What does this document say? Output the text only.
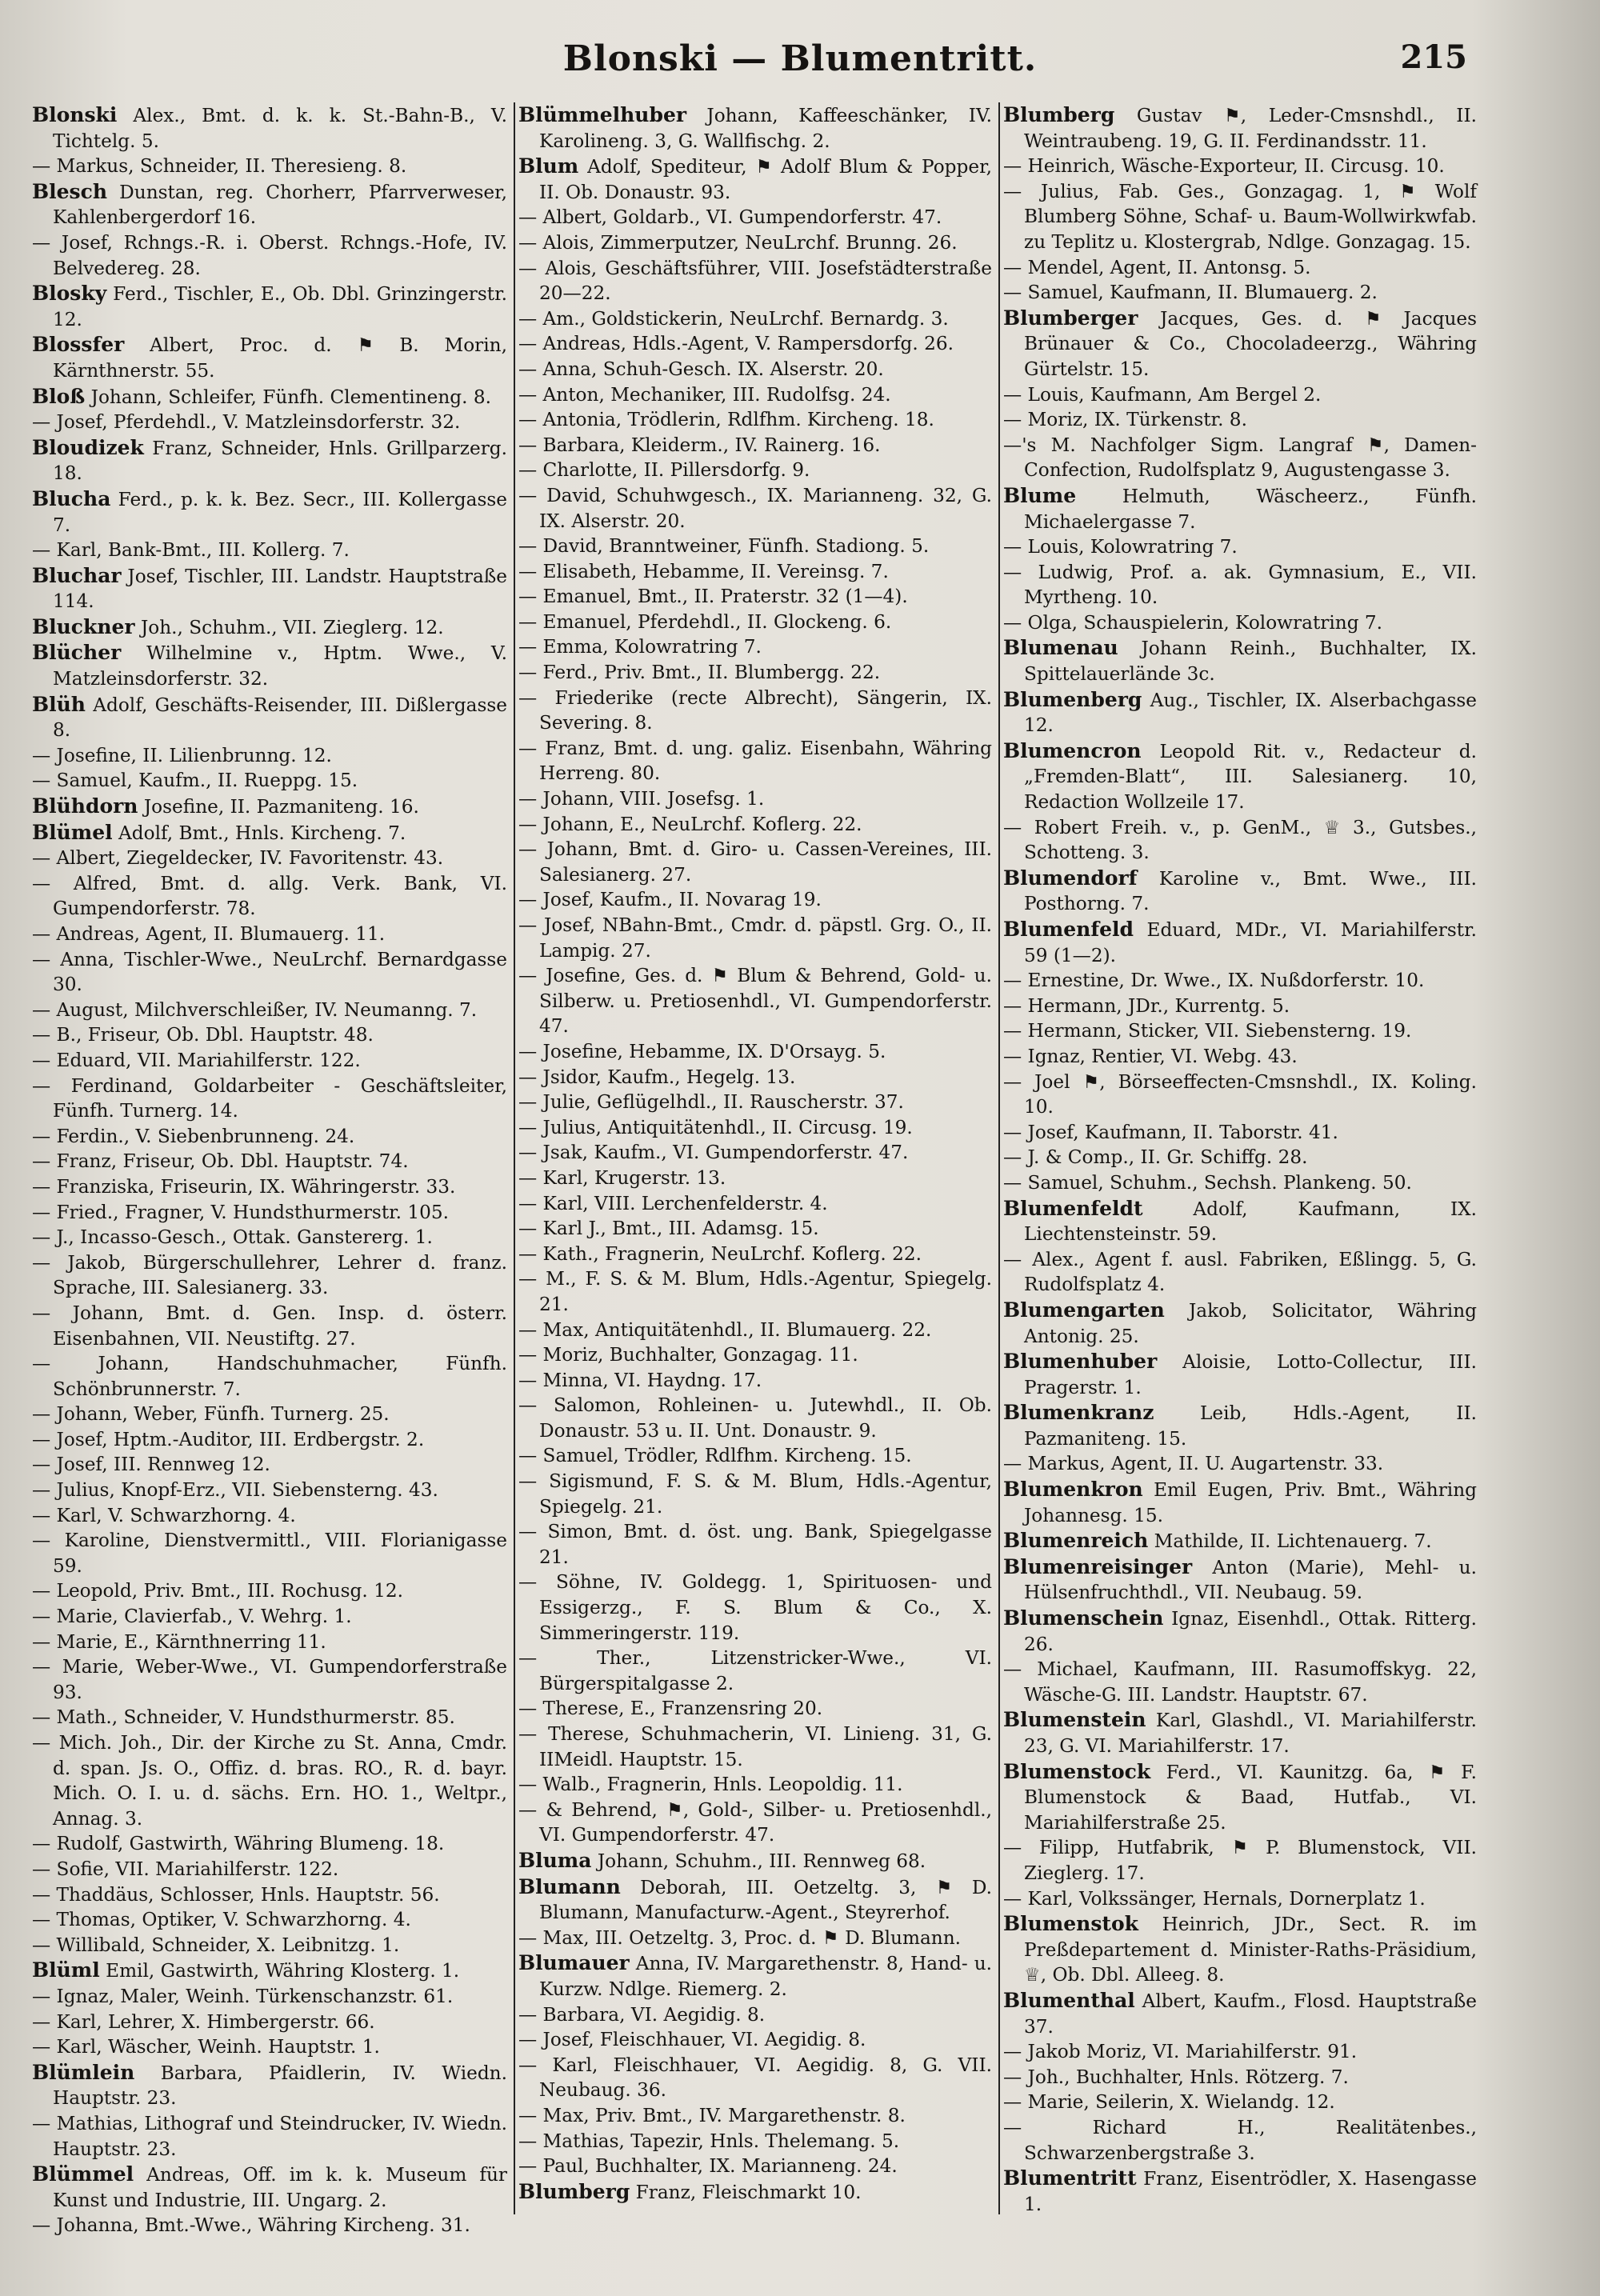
Blonski — Blumentritt.	215

Blonski Alex., Bmt. d. k. k. St.-Bahn-B., V. Tichtelg. 5.

— Markus, Schneider, II. Theresieng. 8.

Blesch Dunstan, reg. Chorherr, Pfarrverweser, Kahlenbergerdorf 16.

— Josef, Rchngs.-R. i. Oberst. Rchngs.-Hofe, IV. Belvedereg. 28.

Blosky Ferd., Tischler, E., Ob. Dbl. Grinzingerstr. 12.

Blossfer Albert, Proc. d. ⚑ B. Morin, Kärnthnerstr. 55.

Bloß Johann, Schleifer, Fünfh. Clementineng. 8.

— Josef, Pferdehdl., V. Matzleinsdorferstr. 32.

Bloudizek Franz, Schneider, Hnls. Grillparzerg. 18.

Blucha Ferd., p. k. k. Bez. Secr., III. Kollergasse 7.

— Karl, Bank-Bmt., III. Kollerg. 7.

Bluchar Josef, Tischler, III. Landstr. Hauptstraße 114.

Bluckner Joh., Schuhm., VII. Zieglerg. 12.

Blücher Wilhelmine v., Hptm. Wwe., V. Matzleinsdorferstr. 32.

Blüh Adolf, Geschäfts-Reisender, III. Dißlergasse 8.

— Josefine, II. Lilienbrunng. 12.

— Samuel, Kaufm., II. Rueppg. 15.

Blühdorn Josefine, II. Pazmaniteng. 16.

Blümel Adolf, Bmt., Hnls. Kircheng. 7.

— Albert, Ziegeldecker, IV. Favoritenstr. 43.

— Alfred, Bmt. d. allg. Verk. Bank, VI. Gumpendorferstr. 78.

— Andreas, Agent, II. Blumauerg. 11.

— Anna, Tischler-Wwe., NeuLrchf. Bernardgasse 30.

— August, Milchverschleißer, IV. Neumanng. 7.

— B., Friseur, Ob. Dbl. Hauptstr. 48.

— Eduard, VII. Mariahilferstr. 122.

— Ferdinand, Goldarbeiter - Geschäftsleiter, Fünfh. Turnerg. 14.

— Ferdin., V. Siebenbrunneng. 24.

— Franz, Friseur, Ob. Dbl. Hauptstr. 74.

— Franziska, Friseurin, IX. Währingerstr. 33.

— Fried., Fragner, V. Hundsthurmerstr. 105.

— J., Incasso-Gesch., Ottak. Ganstererg. 1.

— Jakob, Bürgerschullehrer, Lehrer d. franz. Sprache, III. Salesianerg. 33.

— Johann, Bmt. d. Gen. Insp. d. österr. Eisenbahnen, VII. Neustiftg. 27.

— Johann, Handschuhmacher, Fünfh. Schönbrunnerstr. 7.

— Johann, Weber, Fünfh. Turnerg. 25.

— Josef, Hptm.-Auditor, III. Erdbergstr. 2.

— Josef, III. Rennweg 12.

— Julius, Knopf-Erz., VII. Siebensterng. 43.

— Karl, V. Schwarzhorng. 4.

— Karoline, Dienstvermittl., VIII. Florianigasse 59.

— Leopold, Priv. Bmt., III. Rochusg. 12.

— Marie, Clavierfab., V. Wehrg. 1.

— Marie, E., Kärnthnerring 11.

— Marie, Weber-Wwe., VI. Gumpendorferstraße 93.

— Math., Schneider, V. Hundsthurmerstr. 85.

— Mich. Joh., Dir. der Kirche zu St. Anna, Cmdr. d. span. Js. O., Offiz. d. bras. RO., R. d. bayr. Mich. O. I. u. d. sächs. Ern. HO. 1., Weltpr., Annag. 3.

— Rudolf, Gastwirth, Währing Blumeng. 18.

— Sofie, VII. Mariahilferstr. 122.

— Thaddäus, Schlosser, Hnls. Hauptstr. 56.

— Thomas, Optiker, V. Schwarzhorng. 4.

— Willibald, Schneider, X. Leibnitzg. 1.

Blüml Emil, Gastwirth, Währing Klosterg. 1.

— Ignaz, Maler, Weinh. Türkenschanzstr. 61.

— Karl, Lehrer, X. Himbergerstr. 66.

— Karl, Wäscher, Weinh. Hauptstr. 1.

Blümlein Barbara, Pfaidlerin, IV. Wiedn. Hauptstr. 23.

— Mathias, Lithograf und Steindrucker, IV. Wiedn. Hauptstr. 23.

Blümmel Andreas, Off. im k. k. Museum für Kunst und Industrie, III. Ungarg. 2.

— Johanna, Bmt.-Wwe., Währing Kircheng. 31.

Blümmelhuber Johann, Kaffeeschänker, IV. Karolineng. 3, G. Wallfischg. 2.

Blum Adolf, Spediteur, ⚑ Adolf Blum & Popper, II. Ob. Donaustr. 93.

— Albert, Goldarb., VI. Gumpendorferstr. 47.

— Alois, Zimmerputzer, NeuLrchf. Brunng. 26.

— Alois, Geschäftsführer, VIII. Josefstädterstraße 20—22.

— Am., Goldstickerin, NeuLrchf. Bernardg. 3.

— Andreas, Hdls.-Agent, V. Rampersdorfg. 26.

— Anna, Schuh-Gesch. IX. Alserstr. 20.

— Anton, Mechaniker, III. Rudolfsg. 24.

— Antonia, Trödlerin, Rdlfhm. Kircheng. 18.

— Barbara, Kleiderm., IV. Rainerg. 16.

— Charlotte, II. Pillersdorfg. 9.

— David, Schuhwgesch., IX. Marianneng. 32, G. IX. Alserstr. 20.

— David, Branntweiner, Fünfh. Stadiong. 5.

— Elisabeth, Hebamme, II. Vereinsg. 7.

— Emanuel, Bmt., II. Praterstr. 32 (1—4).

— Emanuel, Pferdehdl., II. Glockeng. 6.

— Emma, Kolowratring 7.

— Ferd., Priv. Bmt., II. Blumbergg. 22.

— Friederike (recte Albrecht), Sängerin, IX. Severing. 8.

— Franz, Bmt. d. ung. galiz. Eisenbahn, Währing Herreng. 80.

— Johann, VIII. Josefsg. 1.

— Johann, E., NeuLrchf. Koflerg. 22.

— Johann, Bmt. d. Giro- u. Cassen-Vereines, III. Salesianerg. 27.

— Josef, Kaufm., II. Novarag 19.

— Josef, NBahn-Bmt., Cmdr. d. päpstl. Grg. O., II. Lampig. 27.

— Josefine, Ges. d. ⚑ Blum & Behrend, Gold- u. Silberw. u. Pretiosenhdl., VI. Gumpendorferstr. 47.

— Josefine, Hebamme, IX. D'Orsayg. 5.

— Jsidor, Kaufm., Hegelg. 13.

— Julie, Geflügelhdl., II. Rauscherstr. 37.

— Julius, Antiquitätenhdl., II. Circusg. 19.

— Jsak, Kaufm., VI. Gumpendorferstr. 47.

— Karl, Krugerstr. 13.

— Karl, VIII. Lerchenfelderstr. 4.

— Karl J., Bmt., III. Adamsg. 15.

— Kath., Fragnerin, NeuLrchf. Koflerg. 22.

— M., F. S. & M. Blum, Hdls.-Agentur, Spiegelg. 21.

— Max, Antiquitätenhdl., II. Blumauerg. 22.

— Moriz, Buchhalter, Gonzagag. 11.

— Minna, VI. Haydng. 17.

— Salomon, Rohleinen- u. Jutewhdl., II. Ob. Donaustr. 53 u. II. Unt. Donaustr. 9.

— Samuel, Trödler, Rdlfhm. Kircheng. 15.

— Sigismund, F. S. & M. Blum, Hdls.-Agentur, Spiegelg. 21.

— Simon, Bmt. d. öst. ung. Bank, Spiegelgasse 21.

— Söhne, IV. Goldegg. 1, Spirituosen- und Essigerzg., F. S. Blum & Co., X. Simmeringerstr. 119.

— Ther., Litzenstricker-Wwe., VI. Bürgerspitalgasse 2.

— Therese, E., Franzensring 20.

— Therese, Schuhmacherin, VI. Linieng. 31, G. IIMeidl. Hauptstr. 15.

— Walb., Fragnerin, Hnls. Leopoldig. 11.

— & Behrend, ⚑, Gold-, Silber- u. Pretiosenhdl., VI. Gumpendorferstr. 47.

Bluma Johann, Schuhm., III. Rennweg 68.

Blumann Deborah, III. Oetzeltg. 3, ⚑ D. Blumann, Manufacturw.-Agent., Steyrerhof.

— Max, III. Oetzeltg. 3, Proc. d. ⚑ D. Blumann.

Blumauer Anna, IV. Margarethenstr. 8, Hand- u. Kurzw. Ndlge. Riemerg. 2.

— Barbara, VI. Aegidig. 8.

— Josef, Fleischhauer, VI. Aegidig. 8.

— Karl, Fleischhauer, VI. Aegidig. 8, G. VII. Neubaug. 36.

— Max, Priv. Bmt., IV. Margarethenstr. 8.

— Mathias, Tapezir, Hnls. Thelemang. 5.

— Paul, Buchhalter, IX. Marianneng. 24.

Blumberg Franz, Fleischmarkt 10.

Blumberg Gustav ⚑, Leder-Cmsnshdl., II. Weintraubeng. 19, G. II. Ferdinandsstr. 11.

— Heinrich, Wäsche-Exporteur, II. Circusg. 10.

— Julius, Fab. Ges., Gonzagag. 1, ⚑ Wolf Blumberg Söhne, Schaf- u. Baum-Wollwirkwfab. zu Teplitz u. Klostergrab, Ndlge. Gonzagag. 15.

— Mendel, Agent, II. Antonsg. 5.

— Samuel, Kaufmann, II. Blumauerg. 2.

Blumberger Jacques, Ges. d. ⚑ Jacques Brünauer & Co., Chocoladeerzg., Währing Gürtelstr. 15.

— Louis, Kaufmann, Am Bergel 2.

— Moriz, IX. Türkenstr. 8.

—'s M. Nachfolger Sigm. Langraf ⚑, Damen-Confection, Rudolfsplatz 9, Augustengasse 3.

Blume Helmuth, Wäscheerz., Fünfh. Michaelergasse 7.

— Louis, Kolowratring 7.

— Ludwig, Prof. a. ak. Gymnasium, E., VII. Myrtheng. 10.

— Olga, Schauspielerin, Kolowratring 7.

Blumenau Johann Reinh., Buchhalter, IX. Spittelauerlände 3c.

Blumenberg Aug., Tischler, IX. Alserbachgasse 12.

Blumencron Leopold Rit. v., Redacteur d. „Fremden-Blatt“, III. Salesianerg. 10, Redaction Wollzeile 17.

— Robert Freih. v., p. GenM., ♕ 3., Gutsbes., Schotteng. 3.

Blumendorf Karoline v., Bmt. Wwe., III. Posthorng. 7.

Blumenfeld Eduard, MDr., VI. Mariahilferstr. 59 (1—2).

— Ernestine, Dr. Wwe., IX. Nußdorferstr. 10.

— Hermann, JDr., Kurrentg. 5.

— Hermann, Sticker, VII. Siebensterng. 19.

— Ignaz, Rentier, VI. Webg. 43.

— Joel ⚑, Börseeffecten-Cmsnshdl., IX. Koling. 10.

— Josef, Kaufmann, II. Taborstr. 41.

— J. & Comp., II. Gr. Schiffg. 28.

— Samuel, Schuhm., Sechsh. Plankeng. 50.

Blumenfeldt Adolf, Kaufmann, IX. Liechtensteinstr. 59.

— Alex., Agent f. ausl. Fabriken, Eßlingg. 5, G. Rudolfsplatz 4.

Blumengarten Jakob, Solicitator, Währing Antonig. 25.

Blumenhuber Aloisie, Lotto-Collectur, III. Pragerstr. 1.

Blumenkranz Leib, Hdls.-Agent, II. Pazmaniteng. 15.

— Markus, Agent, II. U. Augartenstr. 33.

Blumenkron Emil Eugen, Priv. Bmt., Währing Johannesg. 15.

Blumenreich Mathilde, II. Lichtenauerg. 7.

Blumenreisinger Anton (Marie), Mehl- u. Hülsenfruchthdl., VII. Neubaug. 59.

Blumenschein Ignaz, Eisenhdl., Ottak. Ritterg. 26.

— Michael, Kaufmann, III. Rasumoffskyg. 22, Wäsche-G. III. Landstr. Hauptstr. 67.

Blumenstein Karl, Glashdl., VI. Mariahilferstr. 23, G. VI. Mariahilferstr. 17.

Blumenstock Ferd., VI. Kaunitzg. 6a, ⚑ F. Blumenstock & Baad, Hutfab., VI. Mariahilferstraße 25.

— Filipp, Hutfabrik, ⚑ P. Blumenstock, VII. Zieglerg. 17.

— Karl, Volkssänger, Hernals, Dornerplatz 1.

Blumenstok Heinrich, JDr., Sect. R. im Preßdepartement d. Minister-Raths-Präsidium, ♕, Ob. Dbl. Alleeg. 8.

Blumenthal Albert, Kaufm., Flosd. Hauptstraße 37.

— Jakob Moriz, VI. Mariahilferstr. 91.

— Joh., Buchhalter, Hnls. Rötzerg. 7.

— Marie, Seilerin, X. Wielandg. 12.

— Richard H., Realitätenbes., Schwarzenbergstraße 3.

Blumentritt Franz, Eisentrödler, X. Hasengasse 1.
